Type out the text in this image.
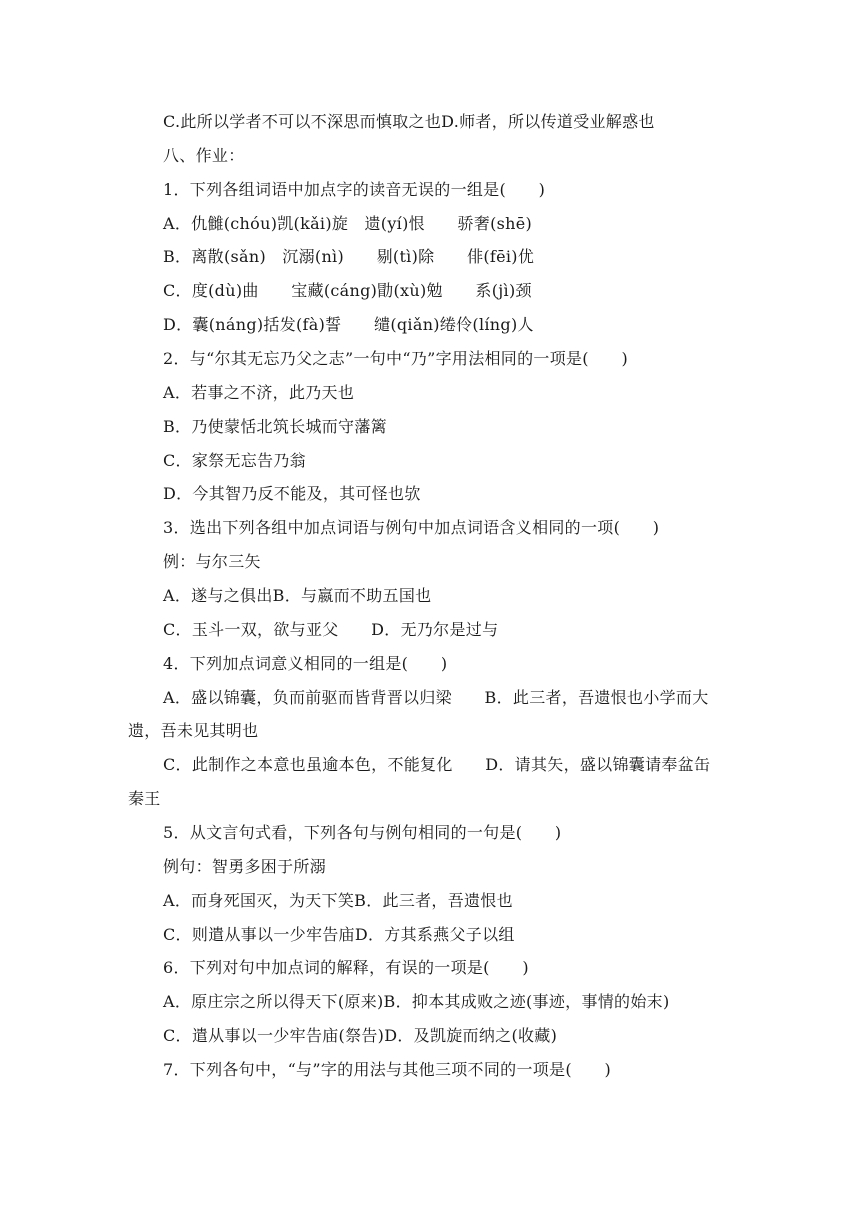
C.此所以学者不可以不深思而慎取之也D.师者，所以传道受业解惑也
八、作业：
1．下列各组词语中加点字的读音无误的一组是(　　)
A．仇雠(chóu)凯(kǎi)旋　遗(yí)恨　　骄奢(shē)
B．离散(sǎn)　沉溺(nì)　　剔(tì)除　　俳(fēi)优
C．度(dù)曲　　宝藏(cáng)勖(xù)勉　　系(jì)颈
D．囊(náng)括发(fà)誓　　缱(qiǎn)绻伶(líng)人
2．与“尔其无忘乃父之志”一句中“乃”字用法相同的一项是(　　)
A．若事之不济，此乃天也
B．乃使蒙恬北筑长城而守藩篱
C．家祭无忘告乃翁
D．今其智乃反不能及，其可怪也欤
3．选出下列各组中加点词语与例句中加点词语含义相同的一项(　　)
例：与尔三矢
A．遂与之俱出B．与嬴而不助五国也
C．玉斗一双，欲与亚父　　D．无乃尔是过与
4．下列加点词意义相同的一组是(　　)
A．盛以锦囊，负而前驱而皆背晋以归梁　　B．此三者，吾遗恨也小学而大
遗，吾未见其明也
C．此制作之本意也虽逾本色，不能复化　　D．请其矢，盛以锦囊请奉盆缶
秦王
5．从文言句式看，下列各句与例句相同的一句是(　　)
例句：智勇多困于所溺
A．而身死国灭，为天下笑B．此三者，吾遗恨也
C．则遣从事以一少牢告庙D．方其系燕父子以组
6．下列对句中加点词的解释，有误的一项是(　　)
A．原庄宗之所以得天下(原来)B．抑本其成败之迹(事迹，事情的始末)
C．遣从事以一少牢告庙(祭告)D．及凯旋而纳之(收藏)
7．下列各句中，“与”字的用法与其他三项不同的一项是(　　)
